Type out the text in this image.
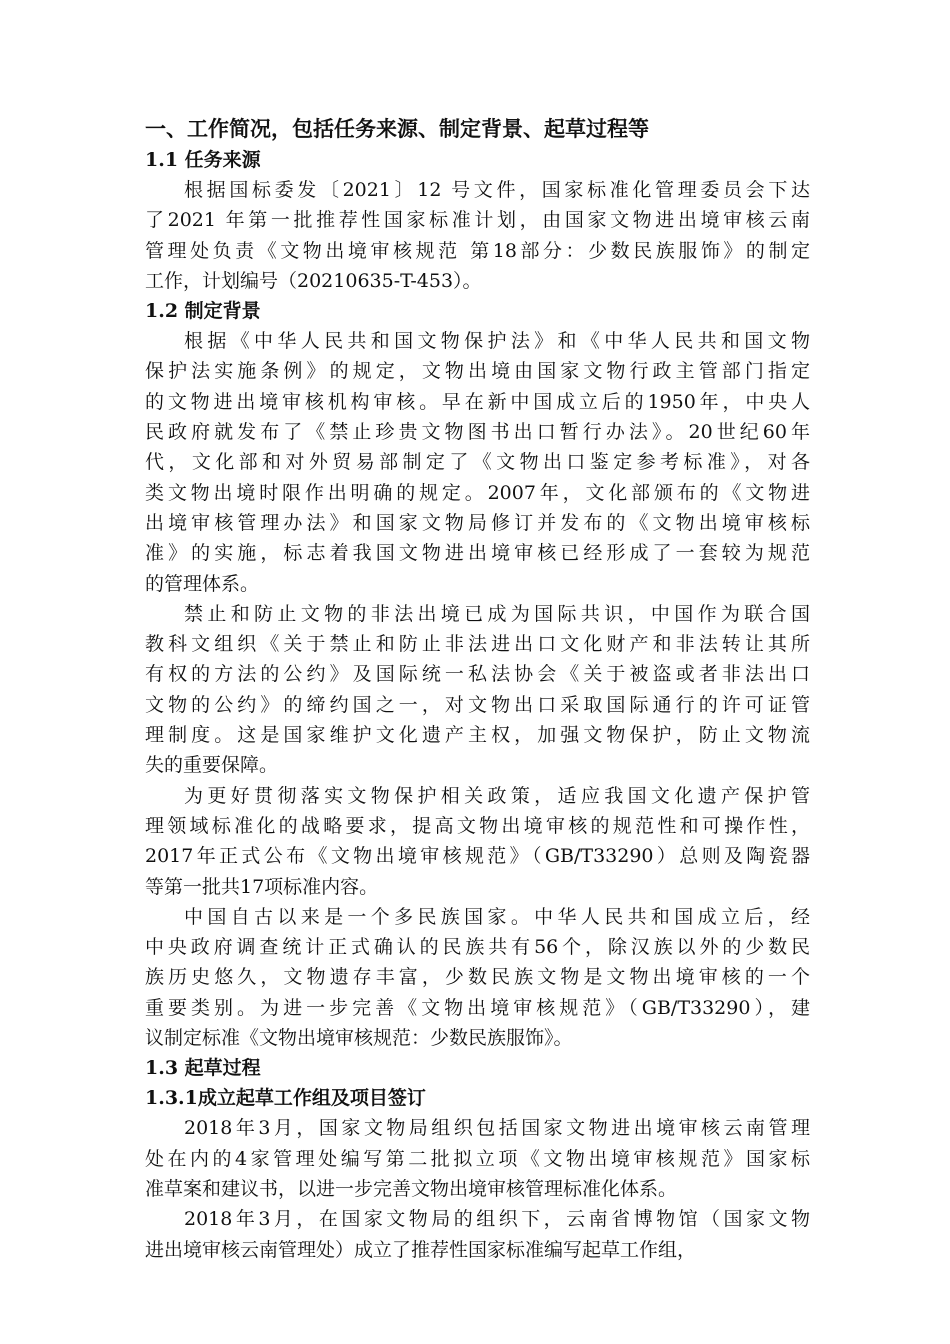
一、工作简况，包括任务来源、制定背景、起草过程等
1.1 任务来源
根据国标委发〔2021〕12 号文件，国家标准化管理委员会下达
了2021 年第一批推荐性国家标准计划，由国家文物进出境审核云南
管理处负责《文物出境审核规范 第18部分：少数民族服饰》的制定
工作，计划编号（20210635-T-453）。
1.2 制定背景
根据《中华人民共和国文物保护法》和《中华人民共和国文物
保护法实施条例》的规定，文物出境由国家文物行政主管部门指定
的文物进出境审核机构审核。早在新中国成立后的1950年，中央人
民政府就发布了《禁止珍贵文物图书出口暂行办法》。20世纪60年
代，文化部和对外贸易部制定了《文物出口鉴定参考标准》，对各
类文物出境时限作出明确的规定。2007年，文化部颁布的《文物进
出境审核管理办法》和国家文物局修订并发布的《文物出境审核标
准》的实施，标志着我国文物进出境审核已经形成了一套较为规范
的管理体系。
禁止和防止文物的非法出境已成为国际共识，中国作为联合国
教科文组织《关于禁止和防止非法进出口文化财产和非法转让其所
有权的方法的公约》及国际统一私法协会《关于被盗或者非法出口
文物的公约》的缔约国之一，对文物出口采取国际通行的许可证管
理制度。这是国家维护文化遗产主权，加强文物保护，防止文物流
失的重要保障。
为更好贯彻落实文物保护相关政策，适应我国文化遗产保护管
理领域标准化的战略要求，提高文物出境审核的规范性和可操作性，
2017年正式公布《文物出境审核规范》（GB/T33290）总则及陶瓷器
等第一批共17项标准内容。
中国自古以来是一个多民族国家。中华人民共和国成立后，经
中央政府调查统计正式确认的民族共有56个，除汉族以外的少数民
族历史悠久，文物遗存丰富，少数民族文物是文物出境审核的一个
重要类别。为进一步完善《文物出境审核规范》（GB/T33290），建
议制定标准《文物出境审核规范：少数民族服饰》。
1.3 起草过程
1.3.1成立起草工作组及项目签订
2018年3月，国家文物局组织包括国家文物进出境审核云南管理
处在内的4家管理处编写第二批拟立项《文物出境审核规范》国家标
准草案和建议书，以进一步完善文物出境审核管理标准化体系。
2018年3月，在国家文物局的组织下，云南省博物馆（国家文物
进出境审核云南管理处）成立了推荐性国家标准编写起草工作组，
